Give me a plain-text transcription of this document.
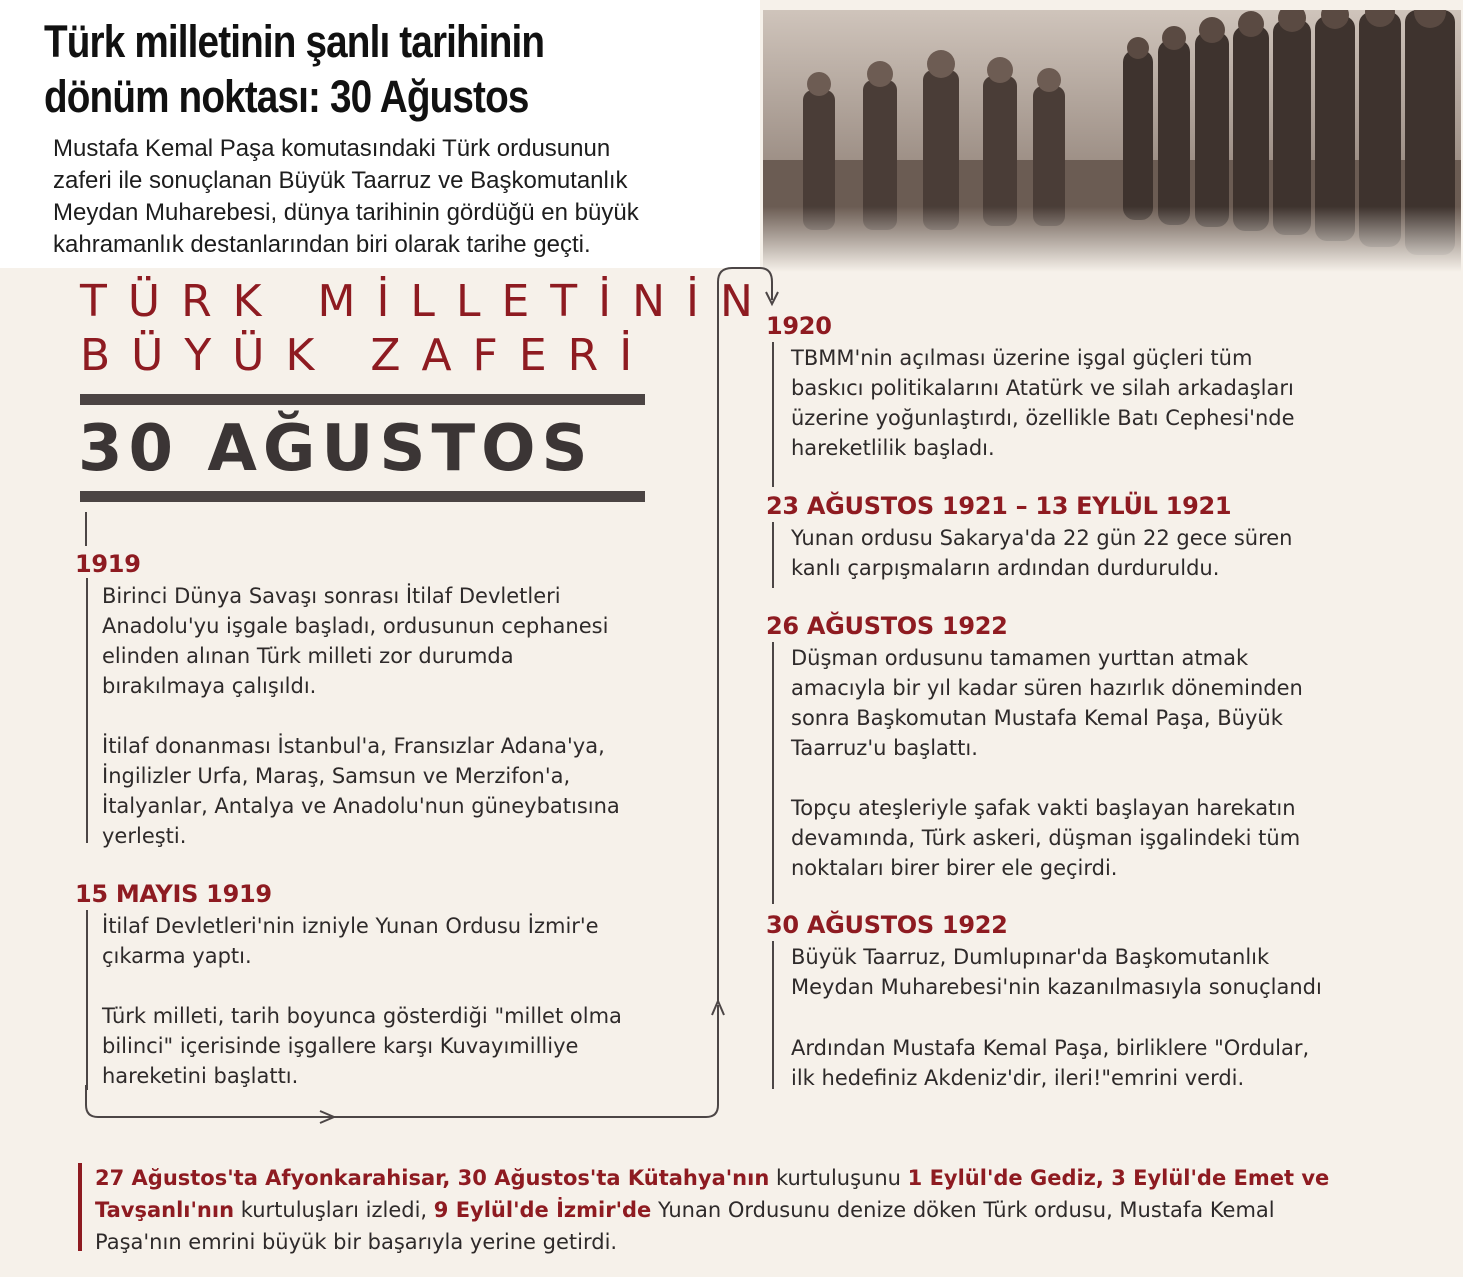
Türk milletinin şanlı tarihinin
dönüm noktası: 30 Ağustos
Mustafa Kemal Paşa komutasındaki Türk ordusunun
zaferi ile sonuçlanan Büyük Taarruz ve Başkomutanlık
Meydan Muharebesi, dünya tarihinin gördüğü en büyük
kahramanlık destanlarından biri olarak tarihe geçti.
TÜRK MİLLETİNİN
BÜYÜK ZAFERİ
30 AĞUSTOS
1919
Birinci Dünya Savaşı sonrası İtilaf Devletleri
Anadolu'yu işgale başladı, ordusunun cephanesi
elinden alınan Türk milleti zor durumda
bırakılmaya çalışıldı.
İtilaf donanması İstanbul'a, Fransızlar Adana'ya,
İngilizler Urfa, Maraş, Samsun ve Merzifon'a,
İtalyanlar, Antalya ve Anadolu'nun güneybatısına
yerleşti.
15 MAYIS 1919
İtilaf Devletleri'nin izniyle Yunan Ordusu İzmir'e
çıkarma yaptı.
Türk milleti, tarih boyunca gösterdiği "millet olma
bilinci" içerisinde işgallere karşı Kuvayımilliye
hareketini başlattı.
1920
TBMM'nin açılması üzerine işgal güçleri tüm
baskıcı politikalarını Atatürk ve silah arkadaşları
üzerine yoğunlaştırdı, özellikle Batı Cephesi'nde
hareketlilik başladı.
23 AĞUSTOS 1921 – 13 EYLÜL 1921
Yunan ordusu Sakarya'da 22 gün 22 gece süren
kanlı çarpışmaların ardından durduruldu.
26 AĞUSTOS 1922
Düşman ordusunu tamamen yurttan atmak
amacıyla bir yıl kadar süren hazırlık döneminden
sonra Başkomutan Mustafa Kemal Paşa, Büyük
Taarruz'u başlattı.
Topçu ateşleriyle şafak vakti başlayan harekatın
devamında, Türk askeri, düşman işgalindeki tüm
noktaları birer birer ele geçirdi.
30 AĞUSTOS 1922
Büyük Taarruz, Dumlupınar'da Başkomutanlık
Meydan Muharebesi'nin kazanılmasıyla sonuçlandı
Ardından Mustafa Kemal Paşa, birliklere "Ordular,
ilk hedefiniz Akdeniz'dir, ileri!"emrini verdi.
27 Ağustos'ta Afyonkarahisar, 30 Ağustos'ta Kütahya'nın kurtuluşunu 1 Eylül'de Gediz, 3 Eylül'de Emet ve
Tavşanlı'nın kurtuluşları izledi, 9 Eylül'de İzmir'de Yunan Ordusunu denize döken Türk ordusu, Mustafa Kemal
Paşa'nın emrini büyük bir başarıyla yerine getirdi.
